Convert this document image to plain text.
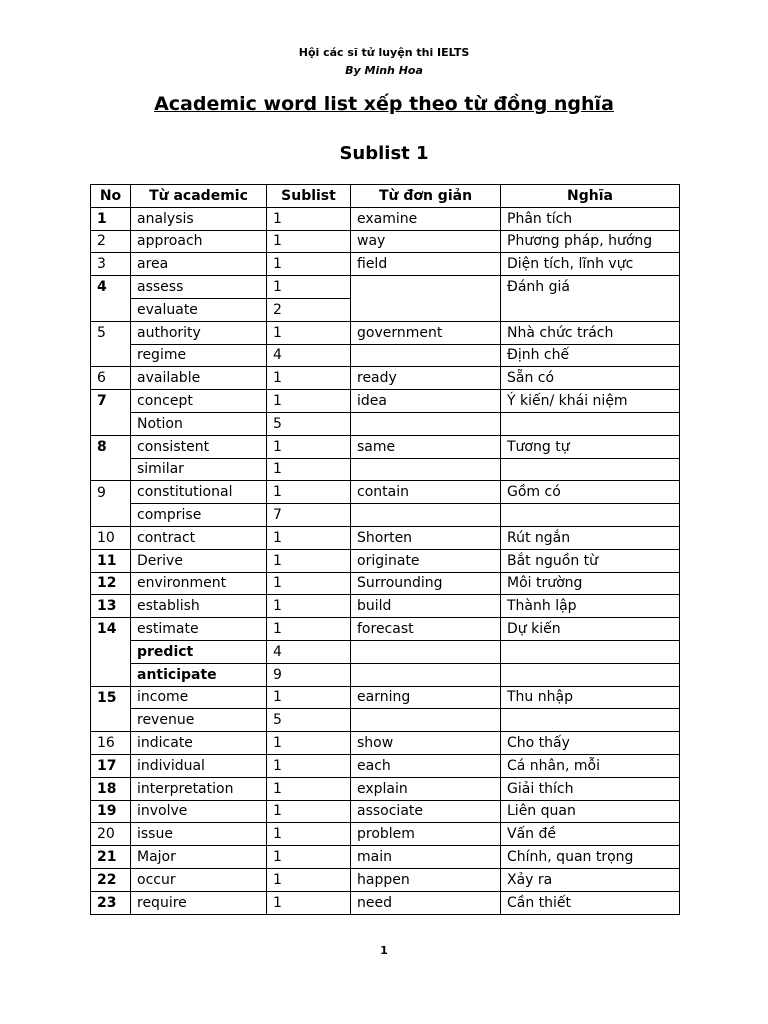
Hội các sĩ tử luyện thi IELTS
By Minh Hoa
Academic word list xếp theo từ đồng nghĩa
Sublist 1
No	Từ academic	Sublist	Từ đơn giản	Nghĩa
1	analysis	1	examine	Phân tích
2	approach	1	way	Phương pháp, hướng
3	area	1	field	Diện tích, lĩnh vực
4	assess	1		Đánh giá
	evaluate	2		
5	authority	1	government	Nhà chức trách
	regime	4		Định chế
6	available	1	ready	Sẵn có
7	concept	1	idea	Ý kiến/ khái niệm
	Notion	5		
8	consistent	1	same	Tương tự
	similar	1		
9	constitutional	1	contain	Gồm có
	comprise	7		
10	contract	1	Shorten	Rút ngắn
11	Derive	1	originate	Bắt nguồn từ
12	environment	1	Surrounding	Môi trường
13	establish	1	build	Thành lập
14	estimate	1	forecast	Dự kiến
	predict	4		
	anticipate	9		
15	income	1	earning	Thu nhập
	revenue	5		
16	indicate	1	show	Cho thấy
17	individual	1	each	Cá nhân, mỗi
18	interpretation	1	explain	Giải thích
19	involve	1	associate	Liên quan
20	issue	1	problem	Vấn đề
21	Major	1	main	Chính, quan trọng
22	occur	1	happen	Xảy ra
23	require	1	need	Cần thiết
1
